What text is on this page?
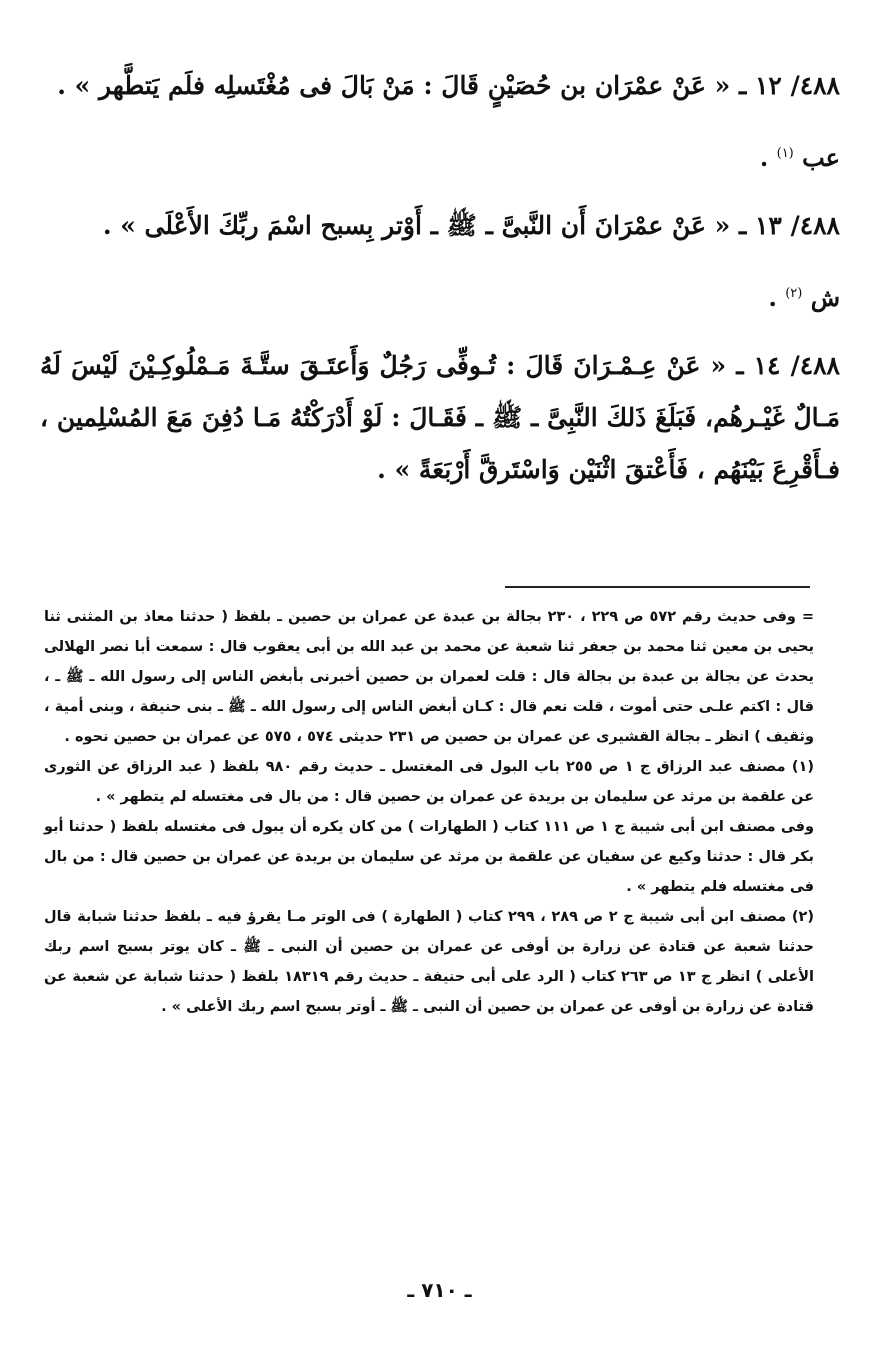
٤٨٨/ ١٢ ـ « عَنْ عمْرَان بن حُصَيْنٍ قَالَ : مَنْ بَالَ فى مُغْتَسلِه فلَم يَتطَّهر » .

عب $^{(١)}$ .

٤٨٨/ ١٣ ـ « عَنْ عمْرَانَ أَن النَّبىَّ ـ ﷺ ـ أَوْتر بِسبح اسْمَ ربِّكَ الأَعْلَى » .

ش $^{(٢)}$ .

٤٨٨/ ١٤ ـ « عَنْ عِـمْـرَانَ قَالَ : تُـوفِّى رَجُلٌ وَأَعتَـقَ ستَّـةَ مَـمْلُوكِـيْنَ لَيْسَ لَهُ مَـالٌ غَيْـرهُم، فَبَلَغَ ذَلكَ النَّبِىَّ ـ ﷺ ـ فَقَـالَ : لَوْ أَدْرَكْتُهُ مَـا دُفِنَ مَعَ المُسْلِمين ، فـأَقْرِعَ بَيْنَهُم ، فَأَعْتقَ اثْنَيْن وَاسْتَرقَّ أَرْبَعَةً » .

= وفى حديث رقم ٥٧٢ ص ٢٢٩ ، ٢٣٠ بجالة بن عبدة عن عمران بن حصين ـ بلفظ ( حدثنا معاذ بن المثنى ثنا يحيى بن معين ثنا محمد بن جعفر ثنا شعبة عن محمد بن عبد الله بن أبى يعقوب قال : سمعت أبا نصر الهلالى يحدث عن بجالة بن عبدة بن بجالة قال : قلت لعمران بن حصين أخبرنى بأبغض الناس إلى رسول الله ـ ﷺ ـ ، قال : اكتم علـى حتى أموت ، قلت نعم قال : كـان أبغض الناس إلى رسول الله ـ ﷺ ـ بنى حنيفة ، وبنى أمية ، وثقيف ) انظر ـ بجالة القشيرى عن عمران بن حصين ص ٢٣١ حديثى ٥٧٤ ، ٥٧٥ عن عمران بن حصين نحوه .

(١) مصنف عبد الرزاق ج ١ ص ٢٥٥ باب البول فى المغتسل ـ حديث رقم ٩٨٠ بلفظ ( عبد الرزاق عن الثورى عن علقمة بن مرثد عن سليمان بن بريدة عن عمران بن حصين قال : من بال فى مغتسله لم يتطهر » .

وفى مصنف ابن أبى شيبة ج ١ ص ١١١ كتاب ( الطهارات ) من كان يكره أن يبول فى مغتسله بلفظ ( حدثنا أبو بكر قال : حدثنا وكيع عن سفيان عن علقمة بن مرثد عن سليمان بن بريدة عن عمران بن حصين قال : من بال فى مغتسله فلم يتطهر » .

(٢) مصنف ابن أبى شيبة ج ٢ ص ٢٨٩ ، ٢٩٩ كتاب ( الطهارة ) فى الوتر مـا يقرؤ فيه ـ بلفظ حدثنا شبابة قال حدثنا شعبة عن قتادة عن زرارة بن أوفى عن عمران بن حصين أن النبى ـ ﷺ ـ كان يوتر بسبح اسم ربك الأعلى ) انظر ج ١٣ ص ٢٦٣ كتاب ( الرد على أبى حنيفة ـ حديث رقم ١٨٣١٩ بلفظ ( حدثنا شبابة عن شعبة عن قتادة عن زرارة بن أوفى عن عمران بن حصين أن النبى ـ ﷺ ـ أوتر بسبح اسم ربك الأعلى » .

ـ ٧١٠ ـ
